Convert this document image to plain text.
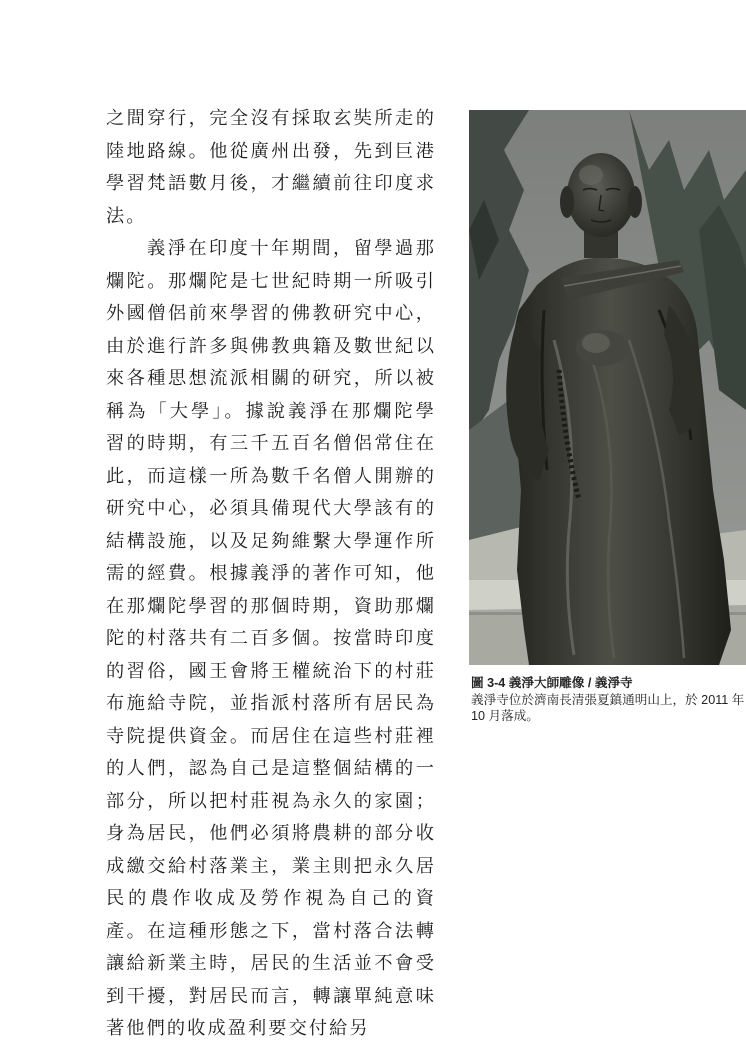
之間穿行，完全沒有採取玄奘所走的陸地路線。他從廣州出發，先到巨港學習梵語數月後，才繼續前往印度求法。

義淨在印度十年期間，留學過那爛陀。那爛陀是七世紀時期一所吸引外國僧侶前來學習的佛教研究中心，由於進行許多與佛教典籍及數世紀以來各種思想流派相關的研究，所以被稱為「大學」。據說義淨在那爛陀學習的時期，有三千五百名僧侶常住在此，而這樣一所為數千名僧人開辦的研究中心，必須具備現代大學該有的結構設施，以及足夠維繫大學運作所需的經費。根據義淨的著作可知，他在那爛陀學習的那個時期，資助那爛陀的村落共有二百多個。按當時印度的習俗，國王會將王權統治下的村莊布施給寺院，並指派村落所有居民為寺院提供資金。而居住在這些村莊裡的人們，認為自己是這整個結構的一部分，所以把村莊視為永久的家園；身為居民，他們必須將農耕的部分收成繳交給村落業主，業主則把永久居民的農作收成及勞作視為自己的資產。在這種形態之下，當村落合法轉讓給新業主時，居民的生活並不會受到干擾，對居民而言，轉讓單純意味著他們的收成盈利要交付給另

圖 3-4 義淨大師雕像 / 義淨寺
義淨寺位於濟南長清張夏鎮通明山上，於 2011 年 10 月落成。
